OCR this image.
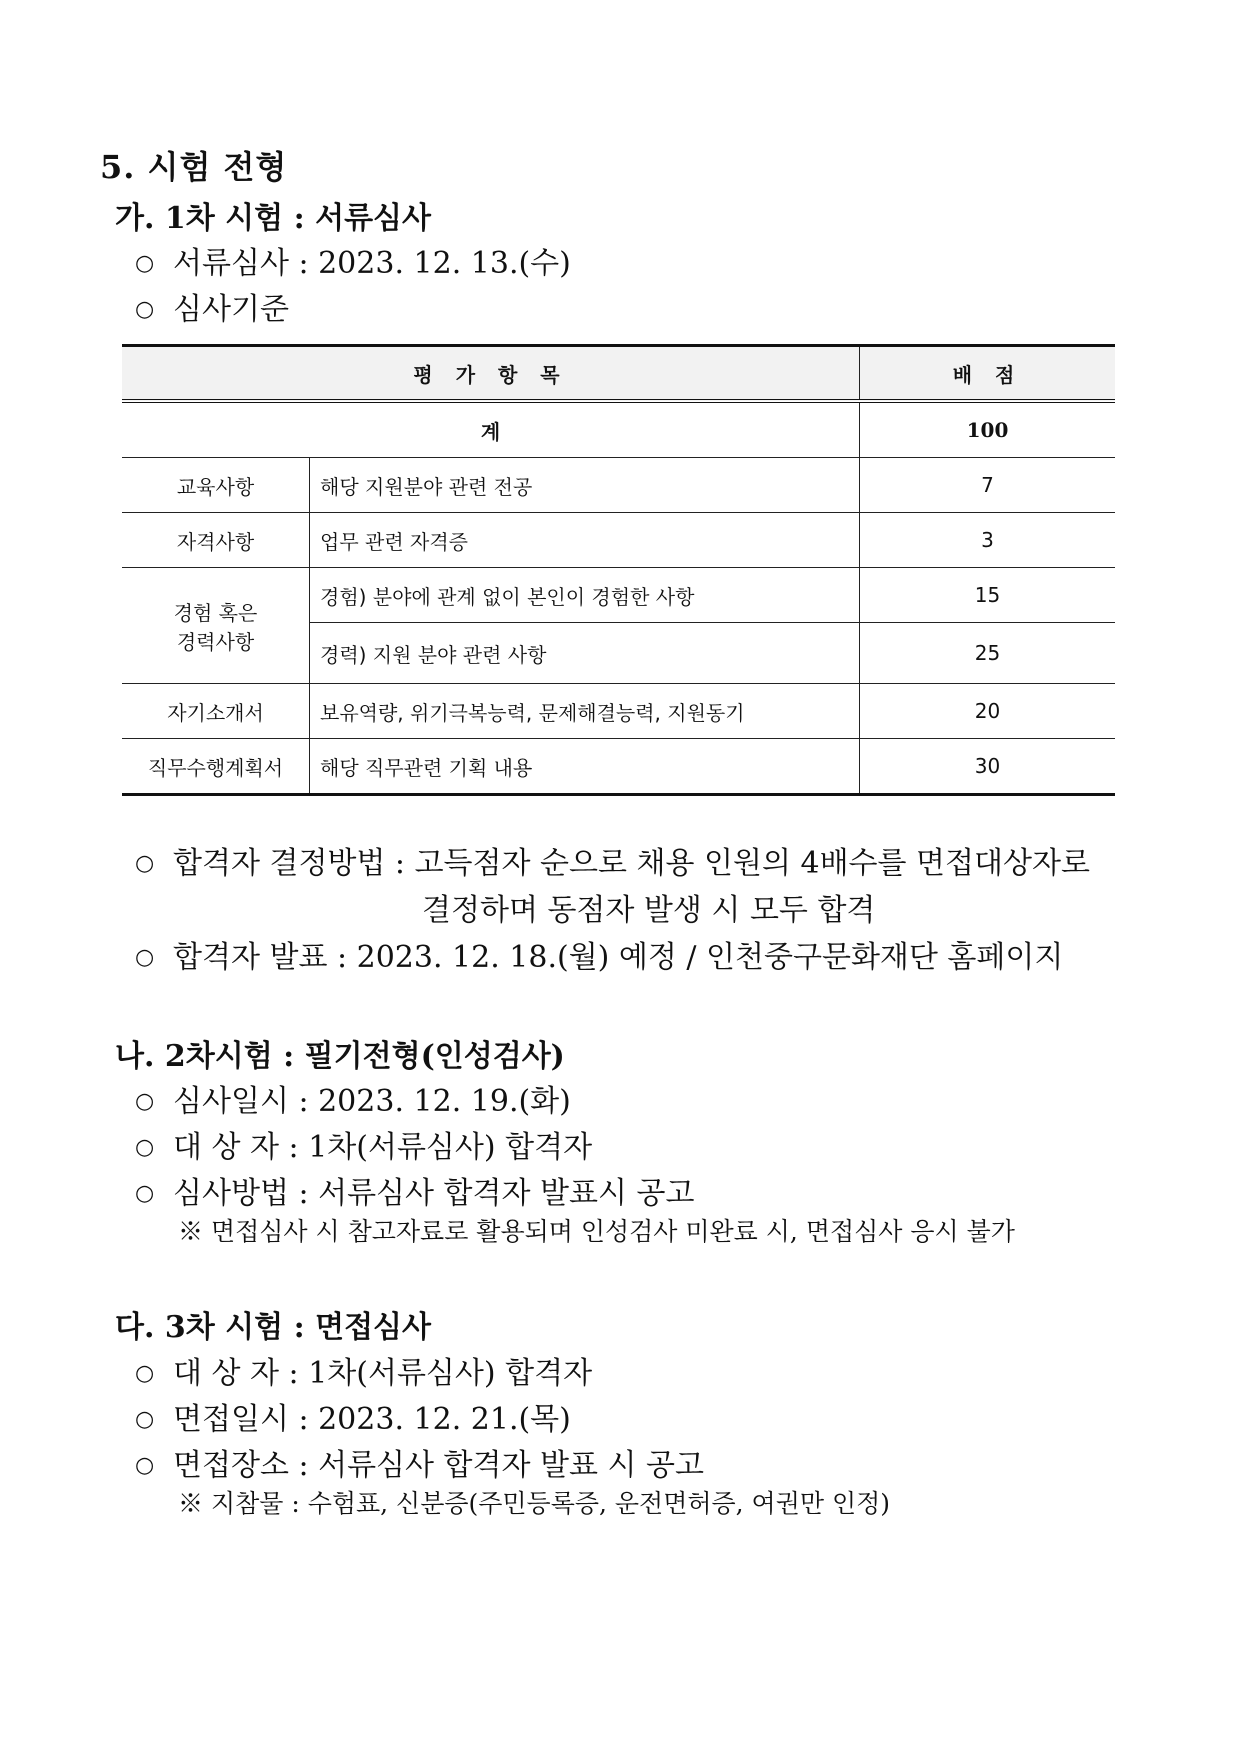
5. 시험 전형
가. 1차 시험 : 서류심사
○ 서류심사 : 2023. 12. 13.(수)
○ 심사기준
평 가 항 목		배 점
계		100
교육사항	해당 지원분야 관련 전공	7
자격사항	업무 관련 자격증	3

경험 혹은
경력사항	경험) 분야에 관계 없이 본인이 경험한 사항	15
	경력) 지원 분야 관련 사항	25
자기소개서	보유역량, 위기극복능력, 문제해결능력, 지원동기	20
직무수행계획서	해당 직무관련 기획 내용	30
○ 합격자 결정방법 : 고득점자 순으로 채용 인원의 4배수를 면접대상자로
결정하며 동점자 발생 시 모두 합격
○ 합격자 발표 : 2023. 12. 18.(월) 예정 / 인천중구문화재단 홈페이지
나. 2차시험 : 필기전형(인성검사)
○ 심사일시 : 2023. 12. 19.(화)
○ 대 상 자 : 1차(서류심사) 합격자
○ 심사방법 : 서류심사 합격자 발표시 공고
※ 면접심사 시 참고자료로 활용되며 인성검사 미완료 시, 면접심사 응시 불가
다. 3차 시험 : 면접심사
○ 대 상 자 : 1차(서류심사) 합격자
○ 면접일시 : 2023. 12. 21.(목)
○ 면접장소 : 서류심사 합격자 발표 시 공고
※ 지참물 : 수험표, 신분증(주민등록증, 운전면허증, 여권만 인정)
